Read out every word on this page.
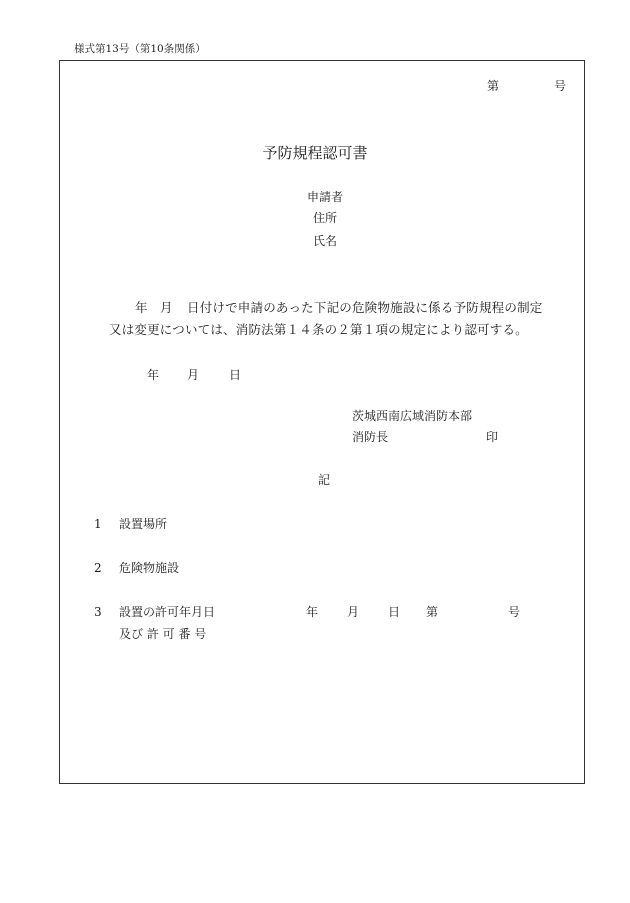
様式第13号（第10条関係）
第	号
予防規程認可書
申請者
住所
氏名
年 月 日付けで申請のあった下記の危険物施設に係る予防規程の制定
又は変更については、消防法第１４条の２第１項の規定により認可する。
年 月 日
茨城西南広域消防本部
消防長	印
記
1 設置場所
2 危険物施設
3 設置の許可年月日
及び 許 可 番 号
年 月 日 第	号
